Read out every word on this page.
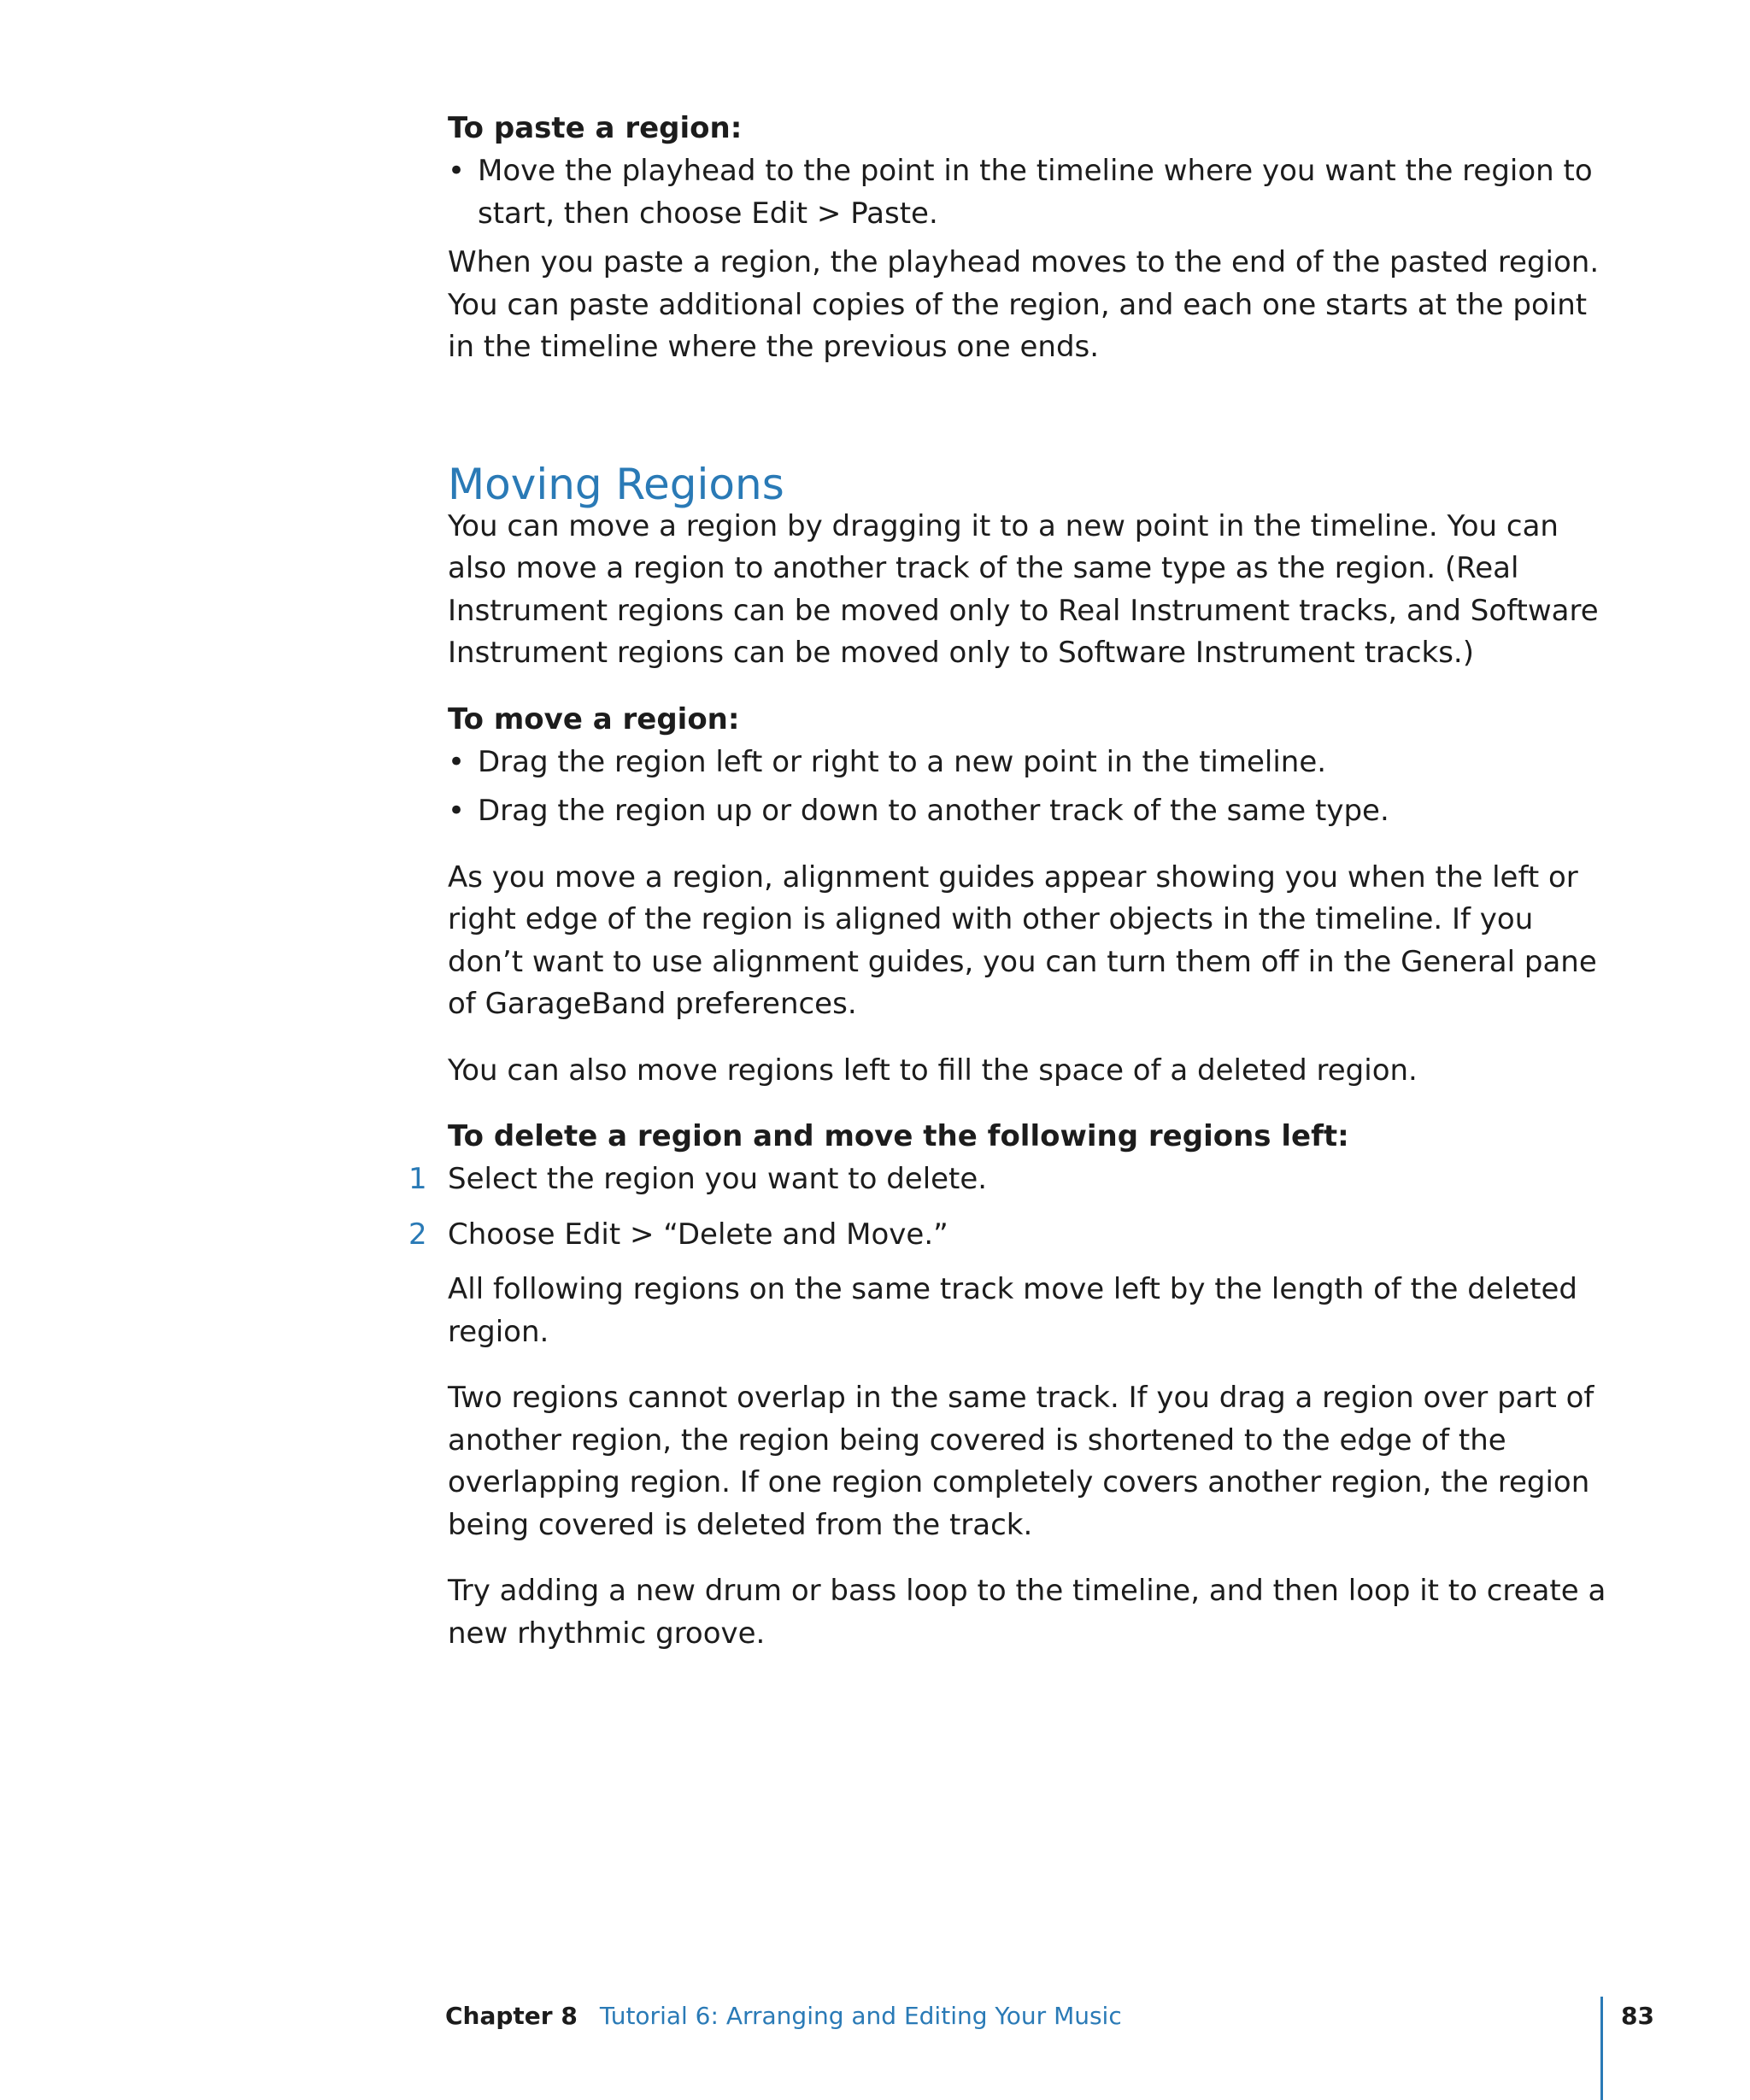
To paste a region:
• Move the playhead to the point in the timeline where you want the region to start, then choose Edit > Paste.

When you paste a region, the playhead moves to the end of the pasted region. You can paste additional copies of the region, and each one starts at the point in the timeline where the previous one ends.

Moving Regions

You can move a region by dragging it to a new point in the timeline. You can also move a region to another track of the same type as the region. (Real Instrument regions can be moved only to Real Instrument tracks, and Software Instrument regions can be moved only to Software Instrument tracks.)

To move a region:
• Drag the region left or right to a new point in the timeline.
• Drag the region up or down to another track of the same type.

As you move a region, alignment guides appear showing you when the left or right edge of the region is aligned with other objects in the timeline. If you don’t want to use alignment guides, you can turn them off in the General pane of GarageBand preferences.

You can also move regions left to fill the space of a deleted region.

To delete a region and move the following regions left:
1 Select the region you want to delete.
2 Choose Edit > “Delete and Move.”

All following regions on the same track move left by the length of the deleted region.

Two regions cannot overlap in the same track. If you drag a region over part of another region, the region being covered is shortened to the edge of the overlapping region. If one region completely covers another region, the region being covered is deleted from the track.

Try adding a new drum or bass loop to the timeline, and then loop it to create a new rhythmic groove.

Chapter 8 Tutorial 6: Arranging and Editing Your Music	83
